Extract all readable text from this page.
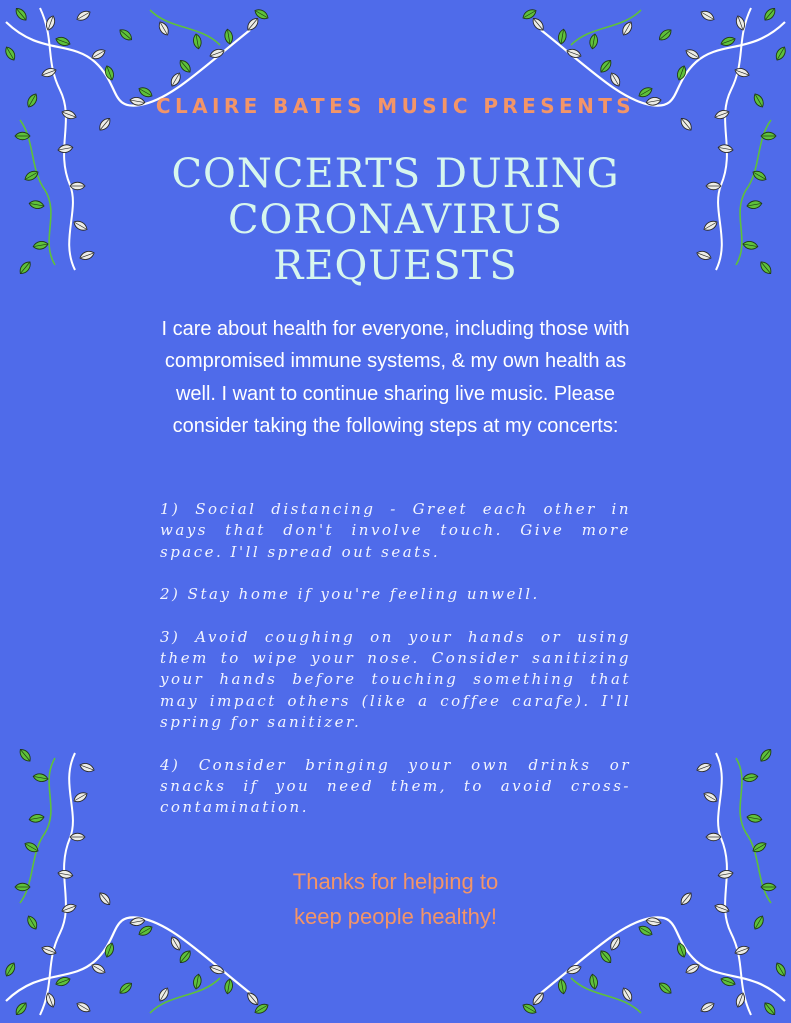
CLAIRE BATES MUSIC PRESENTS

CONCERTS DURING
CORONAVIRUS
REQUESTS

I care about health for everyone, including those with compromised immune systems, & my own health as well. I want to continue sharing live music. Please consider taking the following steps at my concerts:

1) Social distancing - Greet each other in ways that don't involve touch. Give more space. I'll spread out seats.
2) Stay home if you're feeling unwell.
3) Avoid coughing on your hands or using them to wipe your nose. Consider sanitizing your hands before touching something that may impact others (like a coffee carafe). I'll spring for sanitizer.
4) Consider bringing your own drinks or snacks if you need them, to avoid cross-contamination.

Thanks for helping to
keep people healthy!
